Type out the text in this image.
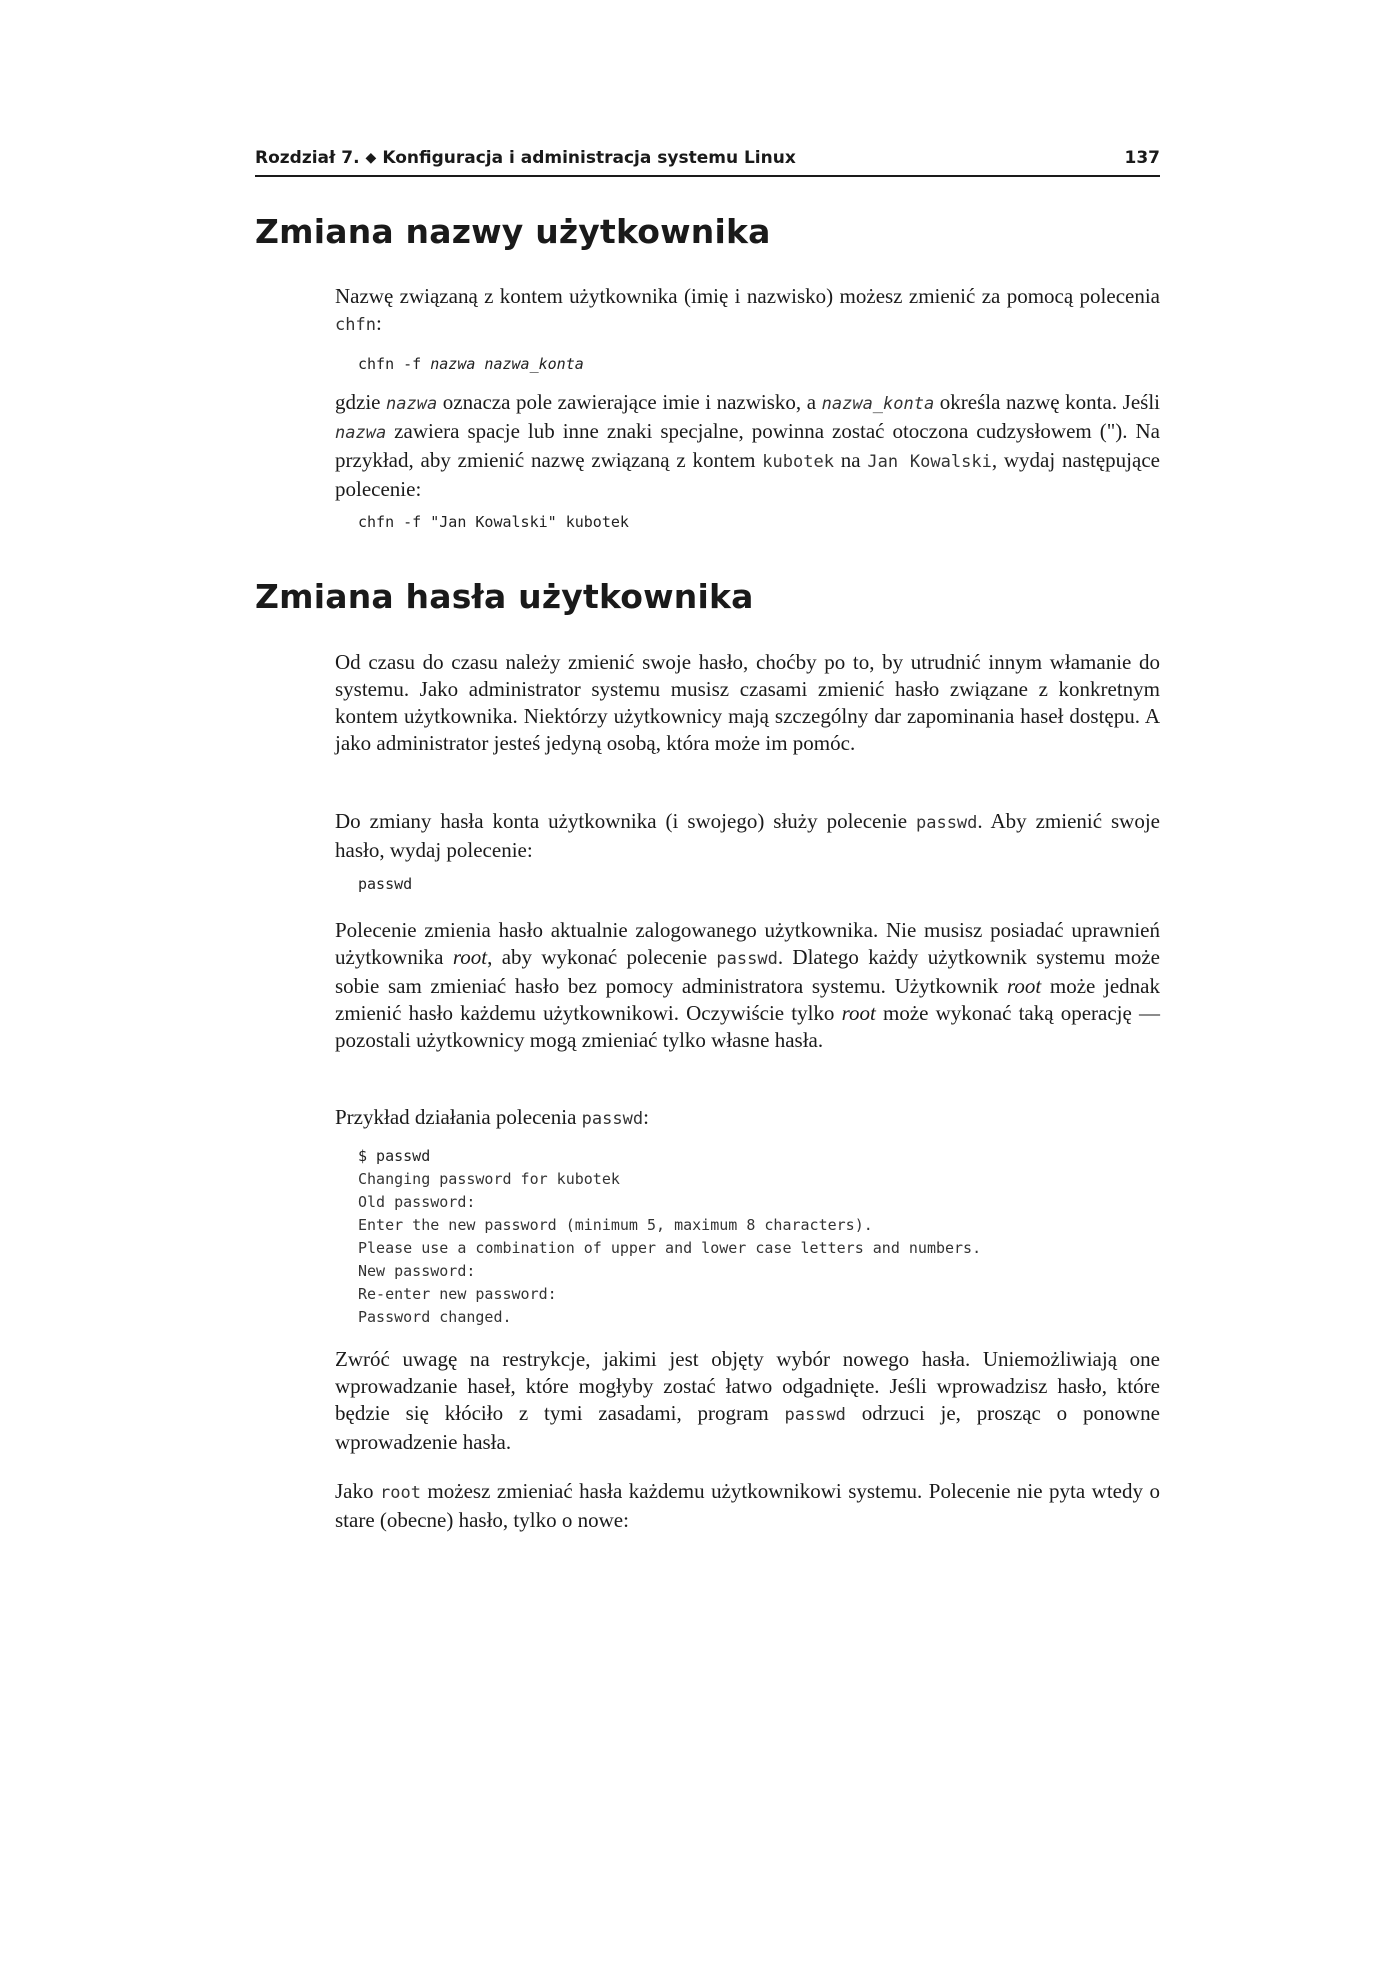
Rozdział 7. ◆ Konfiguracja i administracja systemu Linux	137
Zmiana nazwy użytkownika

Nazwę związaną z kontem użytkownika (imię i nazwisko) możesz zmienić za pomocą polecenia chfn:

chfn -f nazwa nazwa_konta

gdzie nazwa oznacza pole zawierające imie i nazwisko, a nazwa_konta określa nazwę konta. Jeśli nazwa zawiera spacje lub inne znaki specjalne, powinna zostać otoczona cudzysłowem ("). Na przykład, aby zmienić nazwę związaną z kontem kubotek na Jan Kowalski, wydaj następujące polecenie:

chfn -f "Jan Kowalski" kubotek
Zmiana hasła użytkownika

Od czasu do czasu należy zmienić swoje hasło, choćby po to, by utrudnić innym włamanie do systemu. Jako administrator systemu musisz czasami zmienić hasło związane z konkretnym kontem użytkownika. Niektórzy użytkownicy mają szczególny dar zapominania haseł dostępu. A jako administrator jesteś jedyną osobą, która może im pomóc.

Do zmiany hasła konta użytkownika (i swojego) służy polecenie passwd. Aby zmienić swoje hasło, wydaj polecenie:

passwd

Polecenie zmienia hasło aktualnie zalogowanego użytkownika. Nie musisz posiadać uprawnień użytkownika root, aby wykonać polecenie passwd. Dlatego każdy użytkownik systemu może sobie sam zmieniać hasło bez pomocy administratora systemu. Użytkownik root może jednak zmienić hasło każdemu użytkownikowi. Oczywiście tylko root może wykonać taką operację — pozostali użytkownicy mogą zmieniać tylko własne hasła.

Przykład działania polecenia passwd:

$ passwd
Changing password for kubotek
Old password:
Enter the new password (minimum 5, maximum 8 characters).
Please use a combination of upper and lower case letters and numbers.
New password:
Re-enter new password:
Password changed.

Zwróć uwagę na restrykcje, jakimi jest objęty wybór nowego hasła. Uniemożliwiają one wprowadzanie haseł, które mogłyby zostać łatwo odgadnięte. Jeśli wprowadzisz hasło, które będzie się kłóciło z tymi zasadami, program passwd odrzuci je, prosząc o ponowne wprowadzenie hasła.

Jako root możesz zmieniać hasła każdemu użytkownikowi systemu. Polecenie nie pyta wtedy o stare (obecne) hasło, tylko o nowe:
